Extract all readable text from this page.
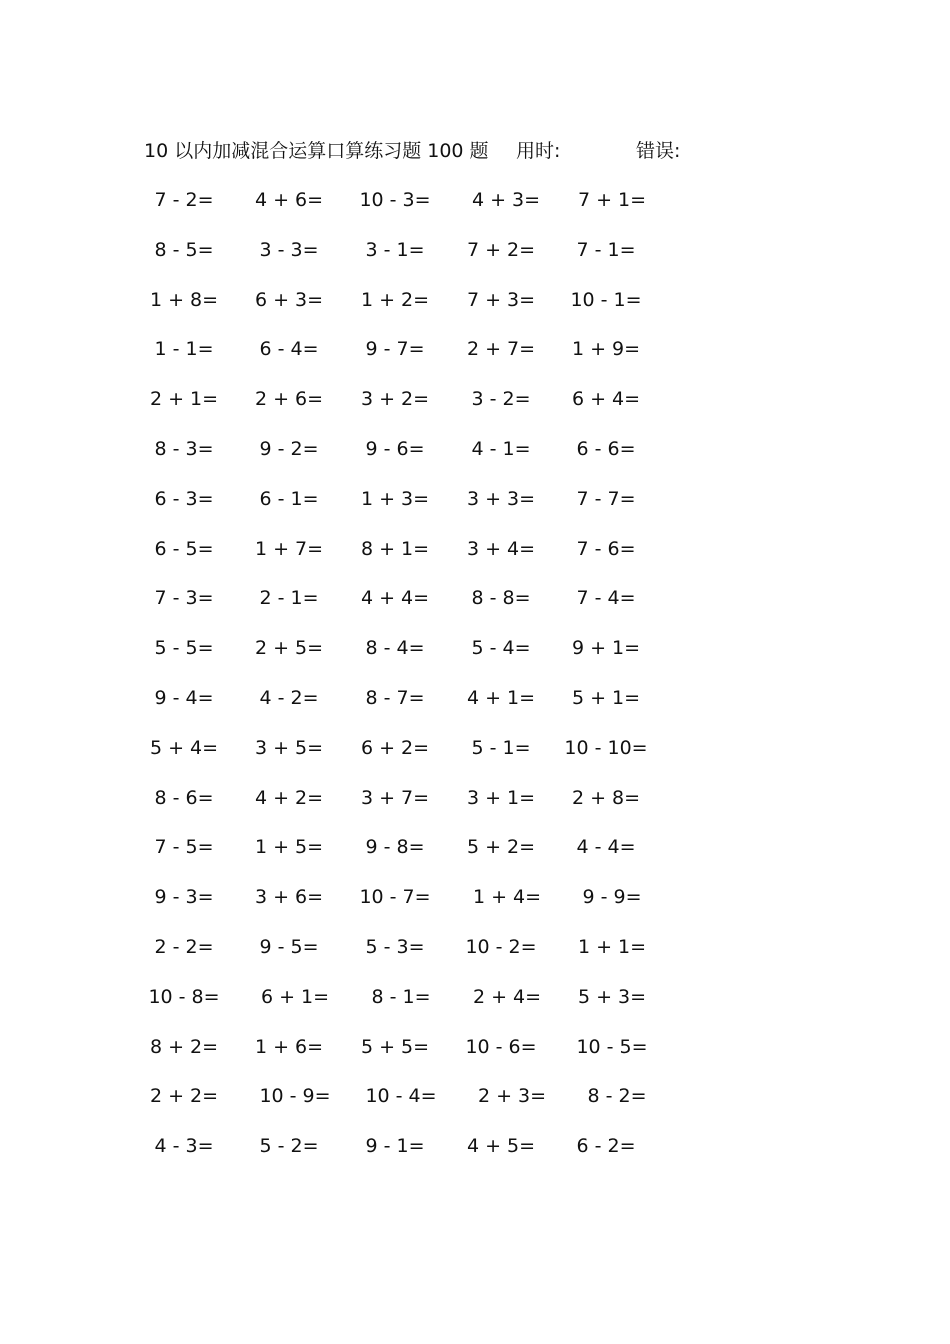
10 以内加减混合运算口算练习题 100 题 用时:	错误:
7 - 2= 4 + 6= 10 - 3= 4 + 3= 7 + 1=
8 - 5= 3 - 3= 3 - 1= 7 + 2= 7 - 1=
1 + 8= 6 + 3= 1 + 2= 7 + 3= 10 - 1=
1 - 1= 6 - 4= 9 - 7= 2 + 7= 1 + 9=
2 + 1= 2 + 6= 3 + 2= 3 - 2= 6 + 4=
8 - 3= 9 - 2= 9 - 6= 4 - 1= 6 - 6=
6 - 3= 6 - 1= 1 + 3= 3 + 3= 7 - 7=
6 - 5= 1 + 7= 8 + 1= 3 + 4= 7 - 6=
7 - 3= 2 - 1= 4 + 4= 8 - 8= 7 - 4=
5 - 5= 2 + 5= 8 - 4= 5 - 4= 9 + 1=
9 - 4= 4 - 2= 8 - 7= 4 + 1= 5 + 1=
5 + 4= 3 + 5= 6 + 2= 5 - 1= 10 - 10=
8 - 6= 4 + 2= 3 + 7= 3 + 1= 2 + 8=
7 - 5= 1 + 5= 9 - 8= 5 + 2= 4 - 4=
9 - 3= 3 + 6= 10 - 7= 1 + 4= 9 - 9=
2 - 2= 9 - 5= 5 - 3= 10 - 2= 1 + 1=
10 - 8= 6 + 1= 8 - 1= 2 + 4= 5 + 3=
8 + 2= 1 + 6= 5 + 5= 10 - 6= 10 - 5=
2 + 2= 10 - 9= 10 - 4= 2 + 3= 8 - 2=
4 - 3= 5 - 2= 9 - 1= 4 + 5= 6 - 2=
